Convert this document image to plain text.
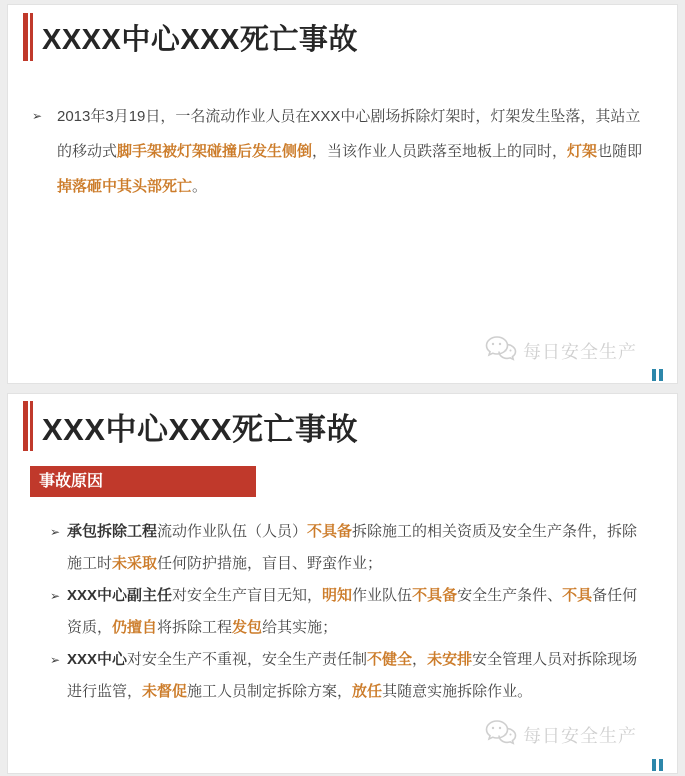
XXXX中心XXX死亡事故
➢ 2013年3月19日，一名流动作业人员在XXX中心剧场拆除灯架时，灯架发生坠落，其站立的移动式脚手架被灯架碰撞后发生侧倒，当该作业人员跌落至地板上的同时，灯架也随即掉落砸中其头部死亡。

每日安全生产
XXX中心XXX死亡事故
事故原因
➢ 承包拆除工程流动作业队伍（人员）不具备拆除施工的相关资质及安全生产条件，拆除施工时未采取任何防护措施，盲目、野蛮作业；

➢ XXX中心副主任对安全生产盲目无知，明知作业队伍不具备安全生产条件、不具备任何资质，仍擅自将拆除工程发包给其实施；

➢ XXX中心对安全生产不重视，安全生产责任制不健全，未安排安全管理人员对拆除现场进行监管，未督促施工人员制定拆除方案，放任其随意实施拆除作业。

每日安全生产
